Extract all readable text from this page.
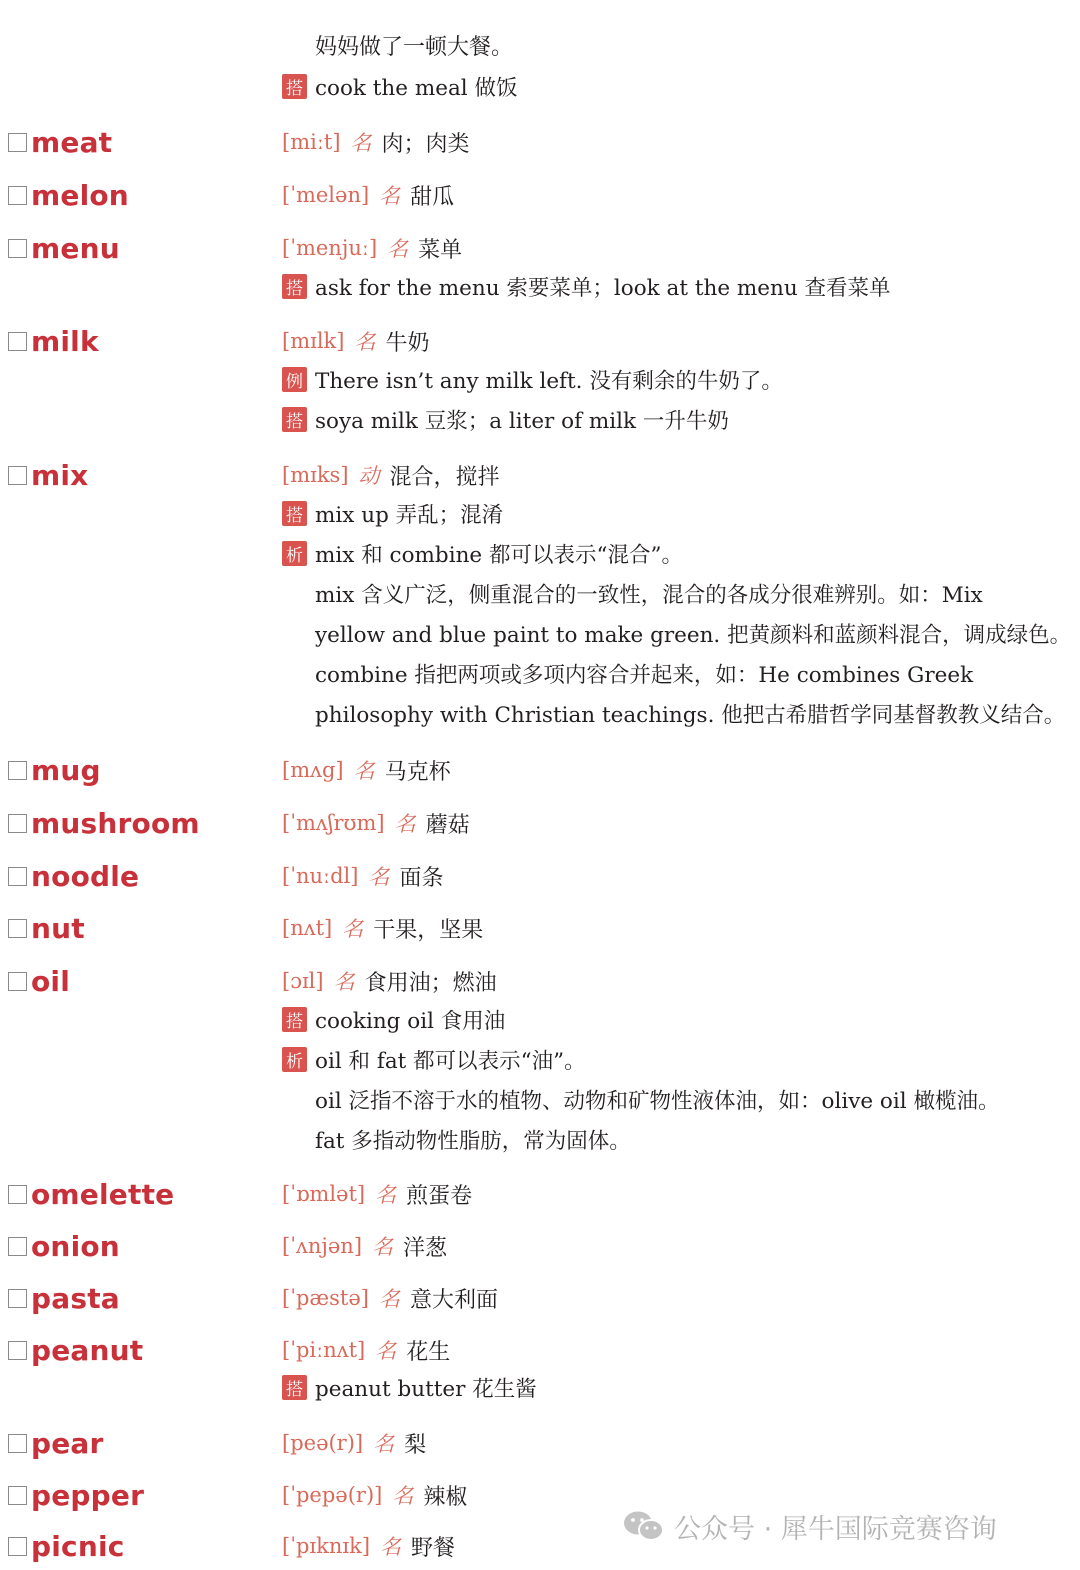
妈妈做了一顿大餐。
搭 cook the meal 做饭
meat	[miːt] 名 肉；肉类
melon	[ˈmelən] 名 甜瓜
menu	[ˈmenjuː] 名 菜单
搭 ask for the menu 索要菜单；look at the menu 查看菜单
milk	[mɪlk] 名 牛奶
例 There isn’t any milk left. 没有剩余的牛奶了。
搭 soya milk 豆浆；a liter of milk 一升牛奶
mix	[mɪks] 动 混合，搅拌
搭 mix up 弄乱；混淆
析 mix 和 combine 都可以表示“混合”。
mix 含义广泛，侧重混合的一致性，混合的各成分很难辨别。如：Mix
yellow and blue paint to make green. 把黄颜料和蓝颜料混合，调成绿色。
combine 指把两项或多项内容合并起来，如：He combines Greek
philosophy with Christian teachings. 他把古希腊哲学同基督教教义结合。
mug	[mʌg] 名 马克杯
mushroom	[ˈmʌʃrʊm] 名 蘑菇
noodle	[ˈnuːdl] 名 面条
nut	[nʌt] 名 干果，坚果
oil	[ɔɪl] 名 食用油；燃油
搭 cooking oil 食用油
析 oil 和 fat 都可以表示“油”。
oil 泛指不溶于水的植物、动物和矿物性液体油，如：olive oil 橄榄油。
fat 多指动物性脂肪，常为固体。
omelette	[ˈɒmlət] 名 煎蛋卷
onion	[ˈʌnjən] 名 洋葱
pasta	[ˈpæstə] 名 意大利面
peanut	[ˈpiːnʌt] 名 花生
搭 peanut butter 花生酱
pear	[peə(r)] 名 梨
pepper	[ˈpepə(r)] 名 辣椒
picnic	[ˈpɪknɪk] 名 野餐
公众号 · 犀牛国际竞赛咨询
